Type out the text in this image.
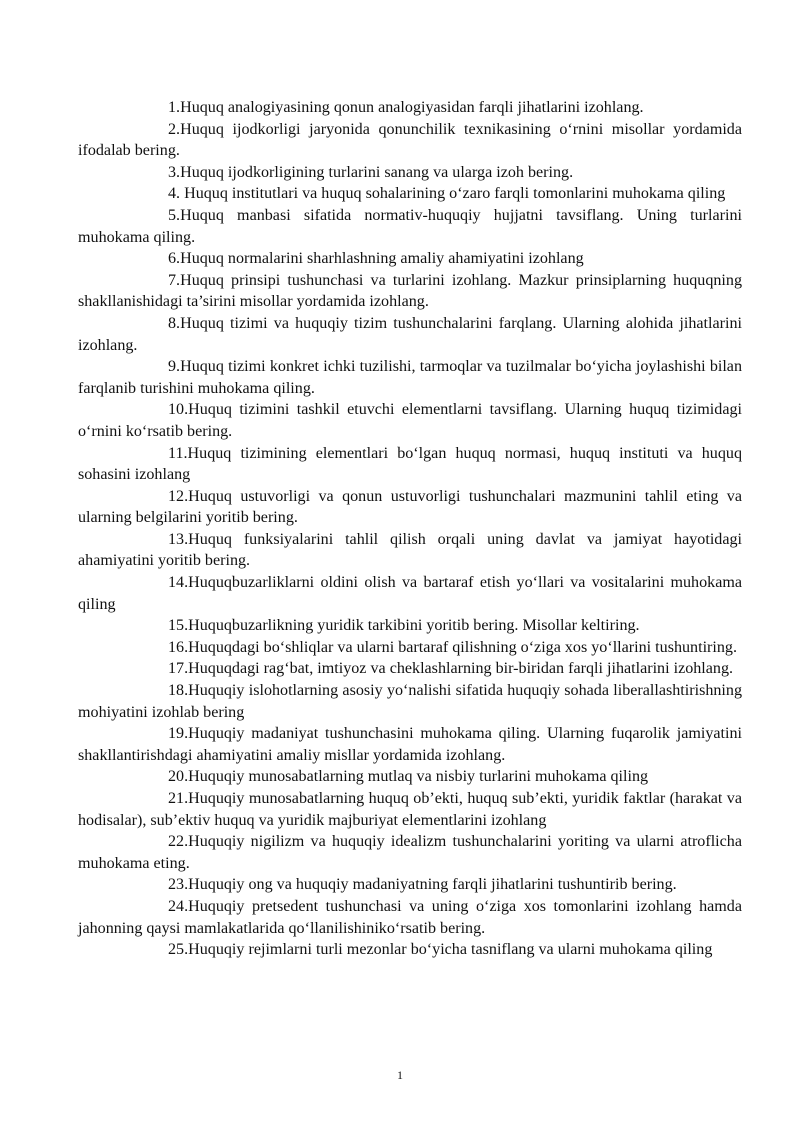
1.Huquq analogiyasining qonun analogiyasidan farqli jihatlarini izohlang.

2.Huquq ijodkorligi jaryonida qonunchilik texnikasining o‘rnini misollar yordamida ifodalab bering.

3.Huquq ijodkorligining turlarini sanang va ularga izoh bering.

4. Huquq institutlari va huquq sohalarining o‘zaro farqli tomonlarini muhokama qiling

5.Huquq manbasi sifatida normativ-huquqiy hujjatni tavsiflang. Uning turlarini muhokama qiling.

6.Huquq normalarini sharhlashning amaliy ahamiyatini izohlang

7.Huquq prinsipi tushunchasi va turlarini izohlang. Mazkur prinsiplarning huquqning shakllanishidagi ta’sirini misollar yordamida izohlang.

8.Huquq tizimi va huquqiy tizim tushunchalarini farqlang. Ularning alohida jihatlarini izohlang.

9.Huquq tizimi konkret ichki tuzilishi, tarmoqlar va tuzilmalar bo‘yicha joylashishi bilan farqlanib turishini muhokama qiling.

10.Huquq tizimini tashkil etuvchi elementlarni tavsiflang. Ularning huquq tizimidagi o‘rnini ko‘rsatib bering.

11.Huquq tizimining elementlari bo‘lgan huquq normasi, huquq instituti va huquq sohasini izohlang

12.Huquq ustuvorligi va qonun ustuvorligi tushunchalari mazmunini tahlil eting va ularning belgilarini yoritib bering.

13.Huquq funksiyalarini tahlil qilish orqali uning davlat va jamiyat hayotidagi ahamiyatini yoritib bering.

14.Huquqbuzarliklarni oldini olish va bartaraf etish yo‘llari va vositalarini muhokama qiling

15.Huquqbuzarlikning yuridik tarkibini yoritib bering. Misollar keltiring.

16.Huquqdagi bo‘shliqlar va ularni bartaraf qilishning o‘ziga xos yo‘llarini tushuntiring.

17.Huquqdagi rag‘bat, imtiyoz va cheklashlarning bir-biridan farqli jihatlarini izohlang.

18.Huquqiy islohotlarning asosiy yo‘nalishi sifatida huquqiy sohada liberallashtirishning mohiyatini izohlab bering

19.Huquqiy madaniyat tushunchasini muhokama qiling. Ularning fuqarolik jamiyatini shakllantirishdagi ahamiyatini amaliy misllar yordamida izohlang.

20.Huquqiy munosabatlarning mutlaq va nisbiy turlarini muhokama qiling

21.Huquqiy munosabatlarning huquq ob’ekti, huquq sub’ekti, yuridik faktlar (harakat va hodisalar), sub’ektiv huquq va yuridik majburiyat elementlarini izohlang

22.Huquqiy nigilizm va huquqiy idealizm tushunchalarini yoriting va ularni atroflicha muhokama eting.

23.Huquqiy ong va huquqiy madaniyatning farqli jihatlarini tushuntirib bering.

24.Huquqiy pretsedent tushunchasi va uning o‘ziga xos tomonlarini izohlang hamda jahonning qaysi mamlakatlarida qo‘llanilishiniko‘rsatib bering.

25.Huquqiy rejimlarni turli mezonlar bo‘yicha tasniflang va ularni muhokama qiling

1
